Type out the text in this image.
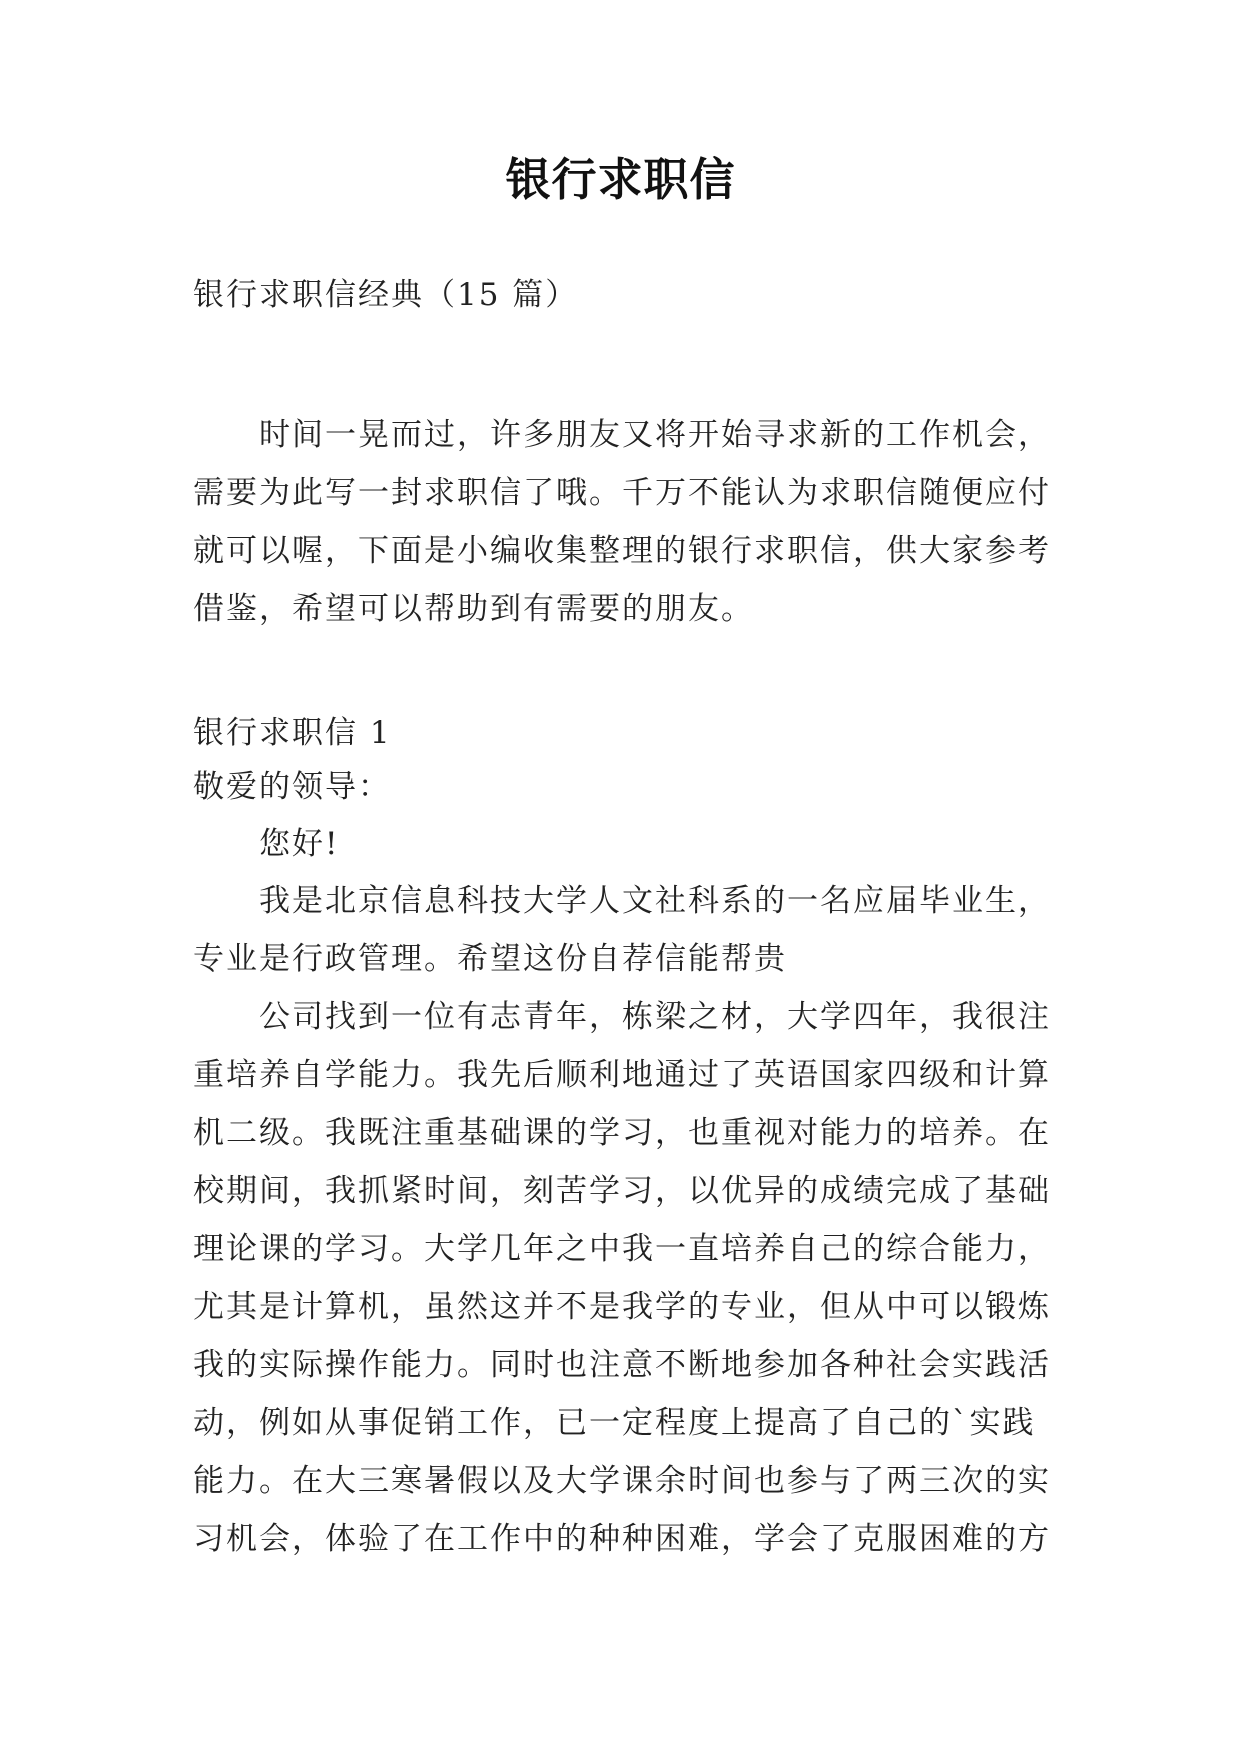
银行求职信

银行求职信经典（15 篇）

时间一晃而过，许多朋友又将开始寻求新的工作机会，
需要为此写一封求职信了哦。千万不能认为求职信随便应付
就可以喔，下面是小编收集整理的银行求职信，供大家参考
借鉴，希望可以帮助到有需要的朋友。

银行求职信 1

敬爱的领导：

您好!

我是北京信息科技大学人文社科系的一名应届毕业生，
专业是行政管理。希望这份自荐信能帮贵
公司找到一位有志青年，栋梁之材，大学四年，我很注
重培养自学能力。我先后顺利地通过了英语国家四级和计算
机二级。我既注重基础课的学习，也重视对能力的培养。在
校期间，我抓紧时间，刻苦学习，以优异的成绩完成了基础
理论课的学习。大学几年之中我一直培养自己的综合能力，
尤其是计算机，虽然这并不是我学的专业，但从中可以锻炼
我的实际操作能力。同时也注意不断地参加各种社会实践活
动，例如从事促销工作，已一定程度上提高了自己的`实践
能力。在大三寒暑假以及大学课余时间也参与了两三次的实
习机会，体验了在工作中的种种困难，学会了克服困难的方
